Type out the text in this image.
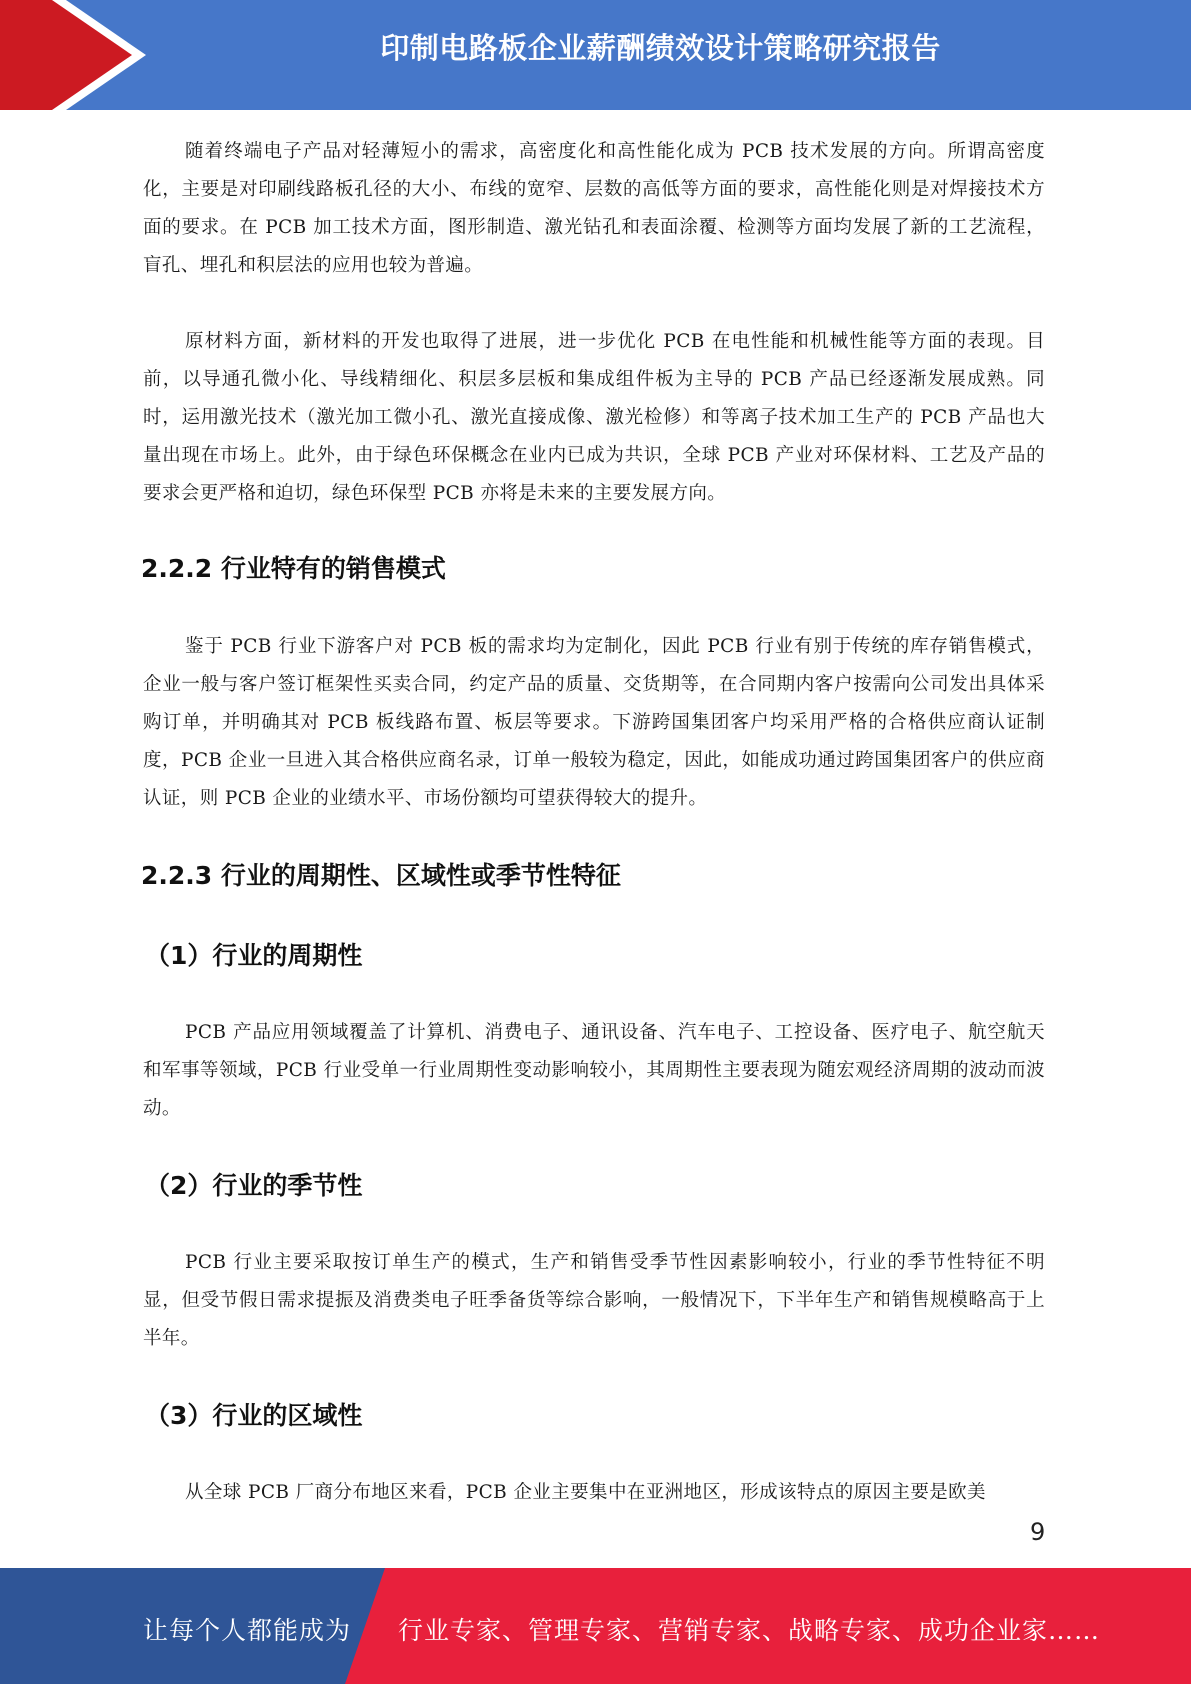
印制电路板企业薪酬绩效设计策略研究报告

随着终端电子产品对轻薄短小的需求，高密度化和高性能化成为 PCB 技术发展的方向。所谓高密度化，主要是对印刷线路板孔径的大小、布线的宽窄、层数的高低等方面的要求，高性能化则是对焊接技术方面的要求。在 PCB 加工技术方面，图形制造、激光钻孔和表面涂覆、检测等方面均发展了新的工艺流程，盲孔、埋孔和积层法的应用也较为普遍。

原材料方面，新材料的开发也取得了进展，进一步优化 PCB 在电性能和机械性能等方面的表现。目前，以导通孔微小化、导线精细化、积层多层板和集成组件板为主导的 PCB 产品已经逐渐发展成熟。同时，运用激光技术（激光加工微小孔、激光直接成像、激光检修）和等离子技术加工生产的 PCB 产品也大量出现在市场上。此外，由于绿色环保概念在业内已成为共识，全球 PCB 产业对环保材料、工艺及产品的要求会更严格和迫切，绿色环保型 PCB 亦将是未来的主要发展方向。

2.2.2 行业特有的销售模式

鉴于 PCB 行业下游客户对 PCB 板的需求均为定制化，因此 PCB 行业有别于传统的库存销售模式，企业一般与客户签订框架性买卖合同，约定产品的质量、交货期等，在合同期内客户按需向公司发出具体采购订单，并明确其对 PCB 板线路布置、板层等要求。下游跨国集团客户均采用严格的合格供应商认证制度，PCB 企业一旦进入其合格供应商名录，订单一般较为稳定，因此，如能成功通过跨国集团客户的供应商认证，则 PCB 企业的业绩水平、市场份额均可望获得较大的提升。

2.2.3 行业的周期性、区域性或季节性特征
（1）行业的周期性

PCB 产品应用领域覆盖了计算机、消费电子、通讯设备、汽车电子、工控设备、医疗电子、航空航天和军事等领域，PCB 行业受单一行业周期性变动影响较小，其周期性主要表现为随宏观经济周期的波动而波动。

（2）行业的季节性

PCB 行业主要采取按订单生产的模式，生产和销售受季节性因素影响较小，行业的季节性特征不明显，但受节假日需求提振及消费类电子旺季备货等综合影响，一般情况下，下半年生产和销售规模略高于上半年。

（3）行业的区域性

从全球 PCB 厂商分布地区来看，PCB 企业主要集中在亚洲地区，形成该特点的原因主要是欧美

9
让每个人都能成为 行业专家、管理专家、营销专家、战略专家、成功企业家……
